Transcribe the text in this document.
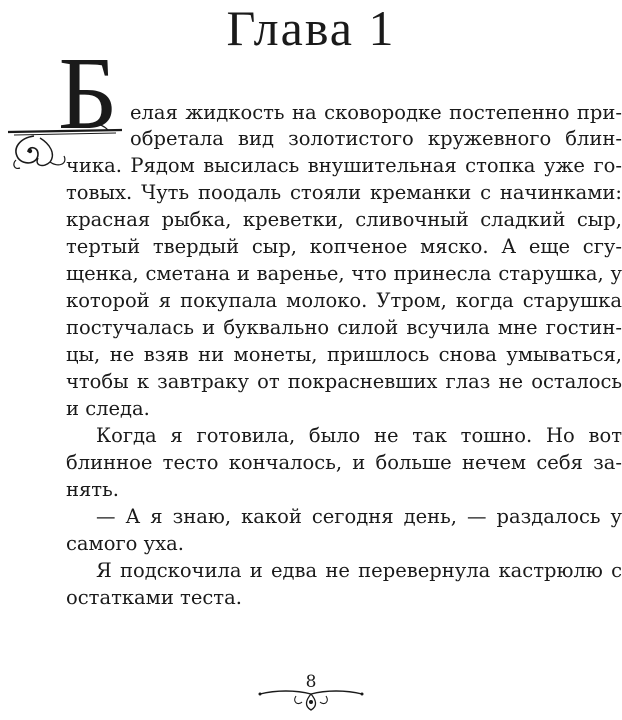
Глава 1
Б елая жидкость на сковородке постепенно при-
обретала вид золотистого кружевного блин-
чика. Рядом высилась внушительная стопка уже го-
товых. Чуть поодаль стояли креманки с начинками:
красная рыбка, креветки, сливочный сладкий сыр,
тертый твердый сыр, копченое мяско. А еще сгу-
щенка, сметана и варенье, что принесла старушка, у
которой я покупала молоко. Утром, когда старушка
постучалась и буквально силой всучила мне гостин-
цы, не взяв ни монеты, пришлось снова умываться,
чтобы к завтраку от покрасневших глаз не осталось
и следа.
Когда я готовила, было не так тошно. Но вот
блинное тесто кончалось, и больше нечем себя за-
нять.
— А я знаю, какой сегодня день, — раздалось у
самого уха.
Я подскочила и едва не перевернула кастрюлю с
остатками теста.
8
